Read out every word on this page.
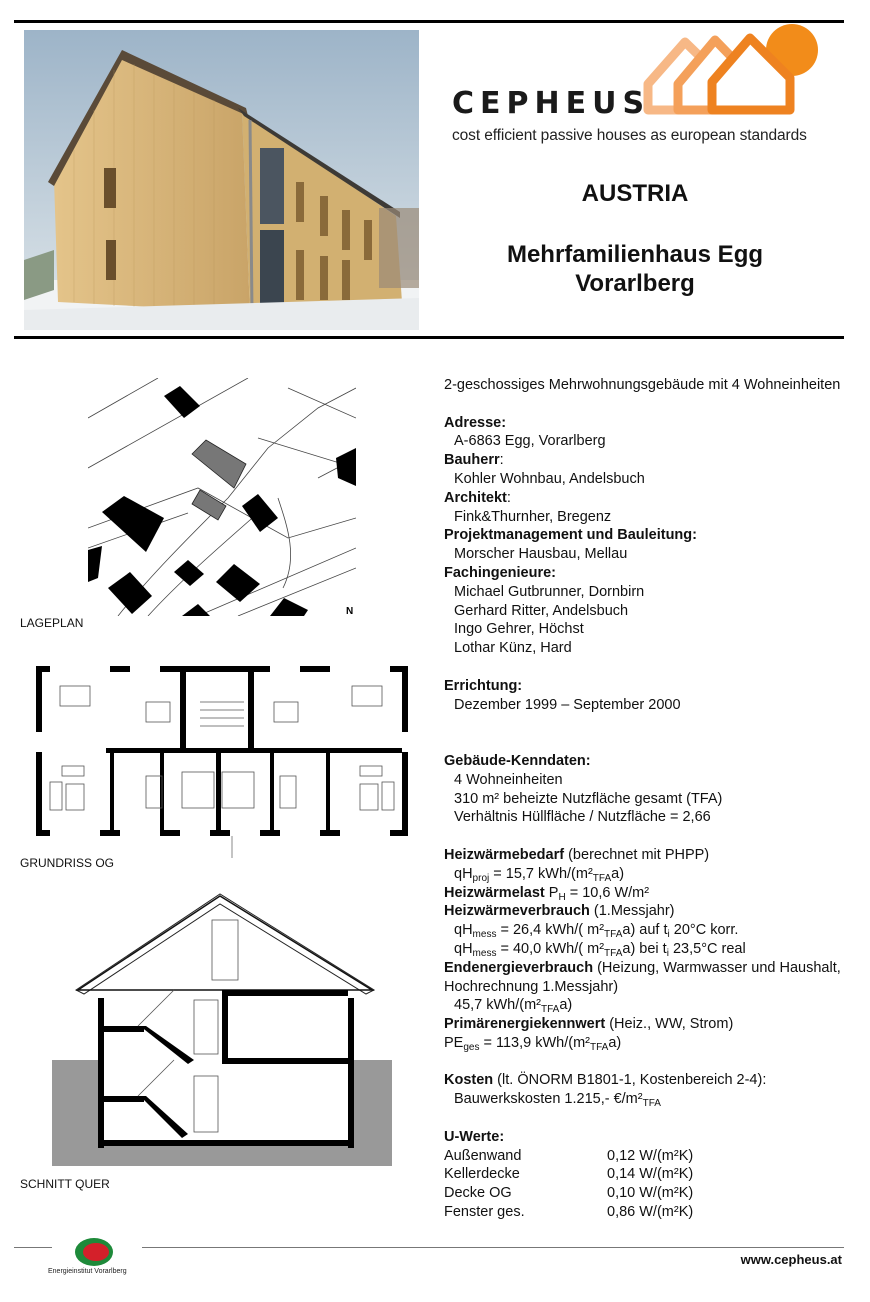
CEPHEUS
cost efficient passive houses as european standards
AUSTRIA
Mehrfamilienhaus Egg
Vorarlberg
N
LAGEPLAN
GRUNDRISS OG
SCHNITT QUER

2-geschossiges Mehrwohnungsgebäude mit 4 Wohneinheiten

Adresse:

A-6863 Egg, Vorarlberg

Bauherr:

Kohler Wohnbau, Andelsbuch

Architekt:

Fink&Thurnher, Bregenz

Projektmanagement und Bauleitung:

Morscher Hausbau, Mellau

Fachingenieure:

Michael Gutbrunner, Dornbirn

Gerhard Ritter, Andelsbuch

Ingo Gehrer, Höchst

Lothar Künz, Hard

Errichtung:

Dezember 1999 – September 2000

Gebäude-Kenndaten:

4 Wohneinheiten

310 m² beheizte Nutzfläche gesamt (TFA)

Verhältnis Hüllfläche / Nutzfläche = 2,66

Heizwärmebedarf (berechnet mit PHPP)

$qH_{proj} = 15,7$ kWh/$(m^2_{TFA}a)$

Heizwärmelast $P_H = 10,6$ W/m²

Heizwärmeverbrauch (1.Messjahr)

$qH_{mess} = 26,4$ kWh/( $m^2_{TFA}a$) auf $t_i$ 20°C korr.

$qH_{mess} = 40,0$ kWh/( $m^2_{TFA}a$) bei $t_i$ 23,5°C real

Endenergieverbrauch (Heizung, Warmwasser und Haushalt, Hochrechnung 1.Messjahr)

45,7 kWh/$(m^2_{TFA}a)$

Primärenergiekennwert (Heiz., WW, Strom)

$PE_{ges} = 113,9$ kWh/$(m^2_{TFA}a)$

Kosten (lt. ÖNORM B1801-1, Kostenbereich 2-4):

Bauwerkskosten 1.215,- $€/m^2_{TFA}$

U-Werte:

Außenwand	0,12 W/(m²K)
Kellerdecke	0,14 W/(m²K)
Decke OG	0,10 W/(m²K)
Fenster ges.	0,86 W/(m²K)
Energieinstitut Vorarlberg
www.cepheus.at
